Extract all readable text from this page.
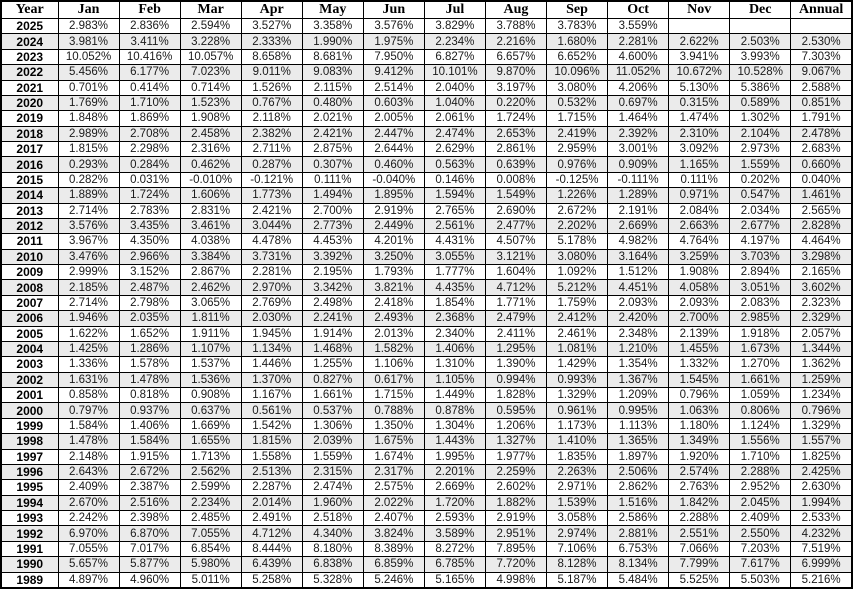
Year	Jan	Feb	Mar	Apr	May	Jun	Jul	Aug	Sep	Oct	Nov	Dec	Annual
2025	2.983%	2.836%	2.594%	3.527%	3.358%	3.576%	3.829%	3.788%	3.783%	3.559%			
2024	3.981%	3.411%	3.228%	2.333%	1.990%	1.975%	2.234%	2.216%	1.680%	2.281%	2.622%	2.503%	2.530%
2023	10.052%	10.416%	10.057%	8.658%	8.681%	7.950%	6.827%	6.657%	6.652%	4.600%	3.941%	3.993%	7.303%
2022	5.456%	6.177%	7.023%	9.011%	9.083%	9.412%	10.101%	9.870%	10.096%	11.052%	10.672%	10.528%	9.067%
2021	0.701%	0.414%	0.714%	1.526%	2.115%	2.514%	2.040%	3.197%	3.080%	4.206%	5.130%	5.386%	2.588%
2020	1.769%	1.710%	1.523%	0.767%	0.480%	0.603%	1.040%	0.220%	0.532%	0.697%	0.315%	0.589%	0.851%
2019	1.848%	1.869%	1.908%	2.118%	2.021%	2.005%	2.061%	1.724%	1.715%	1.464%	1.474%	1.302%	1.791%
2018	2.989%	2.708%	2.458%	2.382%	2.421%	2.447%	2.474%	2.653%	2.419%	2.392%	2.310%	2.104%	2.478%
2017	1.815%	2.298%	2.316%	2.711%	2.875%	2.644%	2.629%	2.861%	2.959%	3.001%	3.092%	2.973%	2.683%
2016	0.293%	0.284%	0.462%	0.287%	0.307%	0.460%	0.563%	0.639%	0.976%	0.909%	1.165%	1.559%	0.660%
2015	0.282%	0.031%	-0.010%	-0.121%	0.111%	-0.040%	0.146%	0.008%	-0.125%	-0.111%	0.111%	0.202%	0.040%
2014	1.889%	1.724%	1.606%	1.773%	1.494%	1.895%	1.594%	1.549%	1.226%	1.289%	0.971%	0.547%	1.461%
2013	2.714%	2.783%	2.831%	2.421%	2.700%	2.919%	2.765%	2.690%	2.672%	2.191%	2.084%	2.034%	2.565%
2012	3.576%	3.435%	3.461%	3.044%	2.773%	2.449%	2.561%	2.477%	2.202%	2.669%	2.663%	2.677%	2.828%
2011	3.967%	4.350%	4.038%	4.478%	4.453%	4.201%	4.431%	4.507%	5.178%	4.982%	4.764%	4.197%	4.464%
2010	3.476%	2.966%	3.384%	3.731%	3.392%	3.250%	3.055%	3.121%	3.080%	3.164%	3.259%	3.703%	3.298%
2009	2.999%	3.152%	2.867%	2.281%	2.195%	1.793%	1.777%	1.604%	1.092%	1.512%	1.908%	2.894%	2.165%
2008	2.185%	2.487%	2.462%	2.970%	3.342%	3.821%	4.435%	4.712%	5.212%	4.451%	4.058%	3.051%	3.602%
2007	2.714%	2.798%	3.065%	2.769%	2.498%	2.418%	1.854%	1.771%	1.759%	2.093%	2.093%	2.083%	2.323%
2006	1.946%	2.035%	1.811%	2.030%	2.241%	2.493%	2.368%	2.479%	2.412%	2.420%	2.700%	2.985%	2.329%
2005	1.622%	1.652%	1.911%	1.945%	1.914%	2.013%	2.340%	2.411%	2.461%	2.348%	2.139%	1.918%	2.057%
2004	1.425%	1.286%	1.107%	1.134%	1.468%	1.582%	1.406%	1.295%	1.081%	1.210%	1.455%	1.673%	1.344%
2003	1.336%	1.578%	1.537%	1.446%	1.255%	1.106%	1.310%	1.390%	1.429%	1.354%	1.332%	1.270%	1.362%
2002	1.631%	1.478%	1.536%	1.370%	0.827%	0.617%	1.105%	0.994%	0.993%	1.367%	1.545%	1.661%	1.259%
2001	0.858%	0.818%	0.908%	1.167%	1.661%	1.715%	1.449%	1.828%	1.329%	1.209%	0.796%	1.059%	1.234%
2000	0.797%	0.937%	0.637%	0.561%	0.537%	0.788%	0.878%	0.595%	0.961%	0.995%	1.063%	0.806%	0.796%
1999	1.584%	1.406%	1.669%	1.542%	1.306%	1.350%	1.304%	1.206%	1.173%	1.113%	1.180%	1.124%	1.329%
1998	1.478%	1.584%	1.655%	1.815%	2.039%	1.675%	1.443%	1.327%	1.410%	1.365%	1.349%	1.556%	1.557%
1997	2.148%	1.915%	1.713%	1.558%	1.559%	1.674%	1.995%	1.977%	1.835%	1.897%	1.920%	1.710%	1.825%
1996	2.643%	2.672%	2.562%	2.513%	2.315%	2.317%	2.201%	2.259%	2.263%	2.506%	2.574%	2.288%	2.425%
1995	2.409%	2.387%	2.599%	2.287%	2.474%	2.575%	2.669%	2.602%	2.971%	2.862%	2.763%	2.952%	2.630%
1994	2.670%	2.516%	2.234%	2.014%	1.960%	2.022%	1.720%	1.882%	1.539%	1.516%	1.842%	2.045%	1.994%
1993	2.242%	2.398%	2.485%	2.491%	2.518%	2.407%	2.593%	2.919%	3.058%	2.586%	2.288%	2.409%	2.533%
1992	6.970%	6.870%	7.055%	4.712%	4.340%	3.824%	3.589%	2.951%	2.974%	2.881%	2.551%	2.550%	4.232%
1991	7.055%	7.017%	6.854%	8.444%	8.180%	8.389%	8.272%	7.895%	7.106%	6.753%	7.066%	7.203%	7.519%
1990	5.657%	5.877%	5.980%	6.439%	6.838%	6.859%	6.785%	7.720%	8.128%	8.134%	7.799%	7.617%	6.999%
1989	4.897%	4.960%	5.011%	5.258%	5.328%	5.246%	5.165%	4.998%	5.187%	5.484%	5.525%	5.503%	5.216%
